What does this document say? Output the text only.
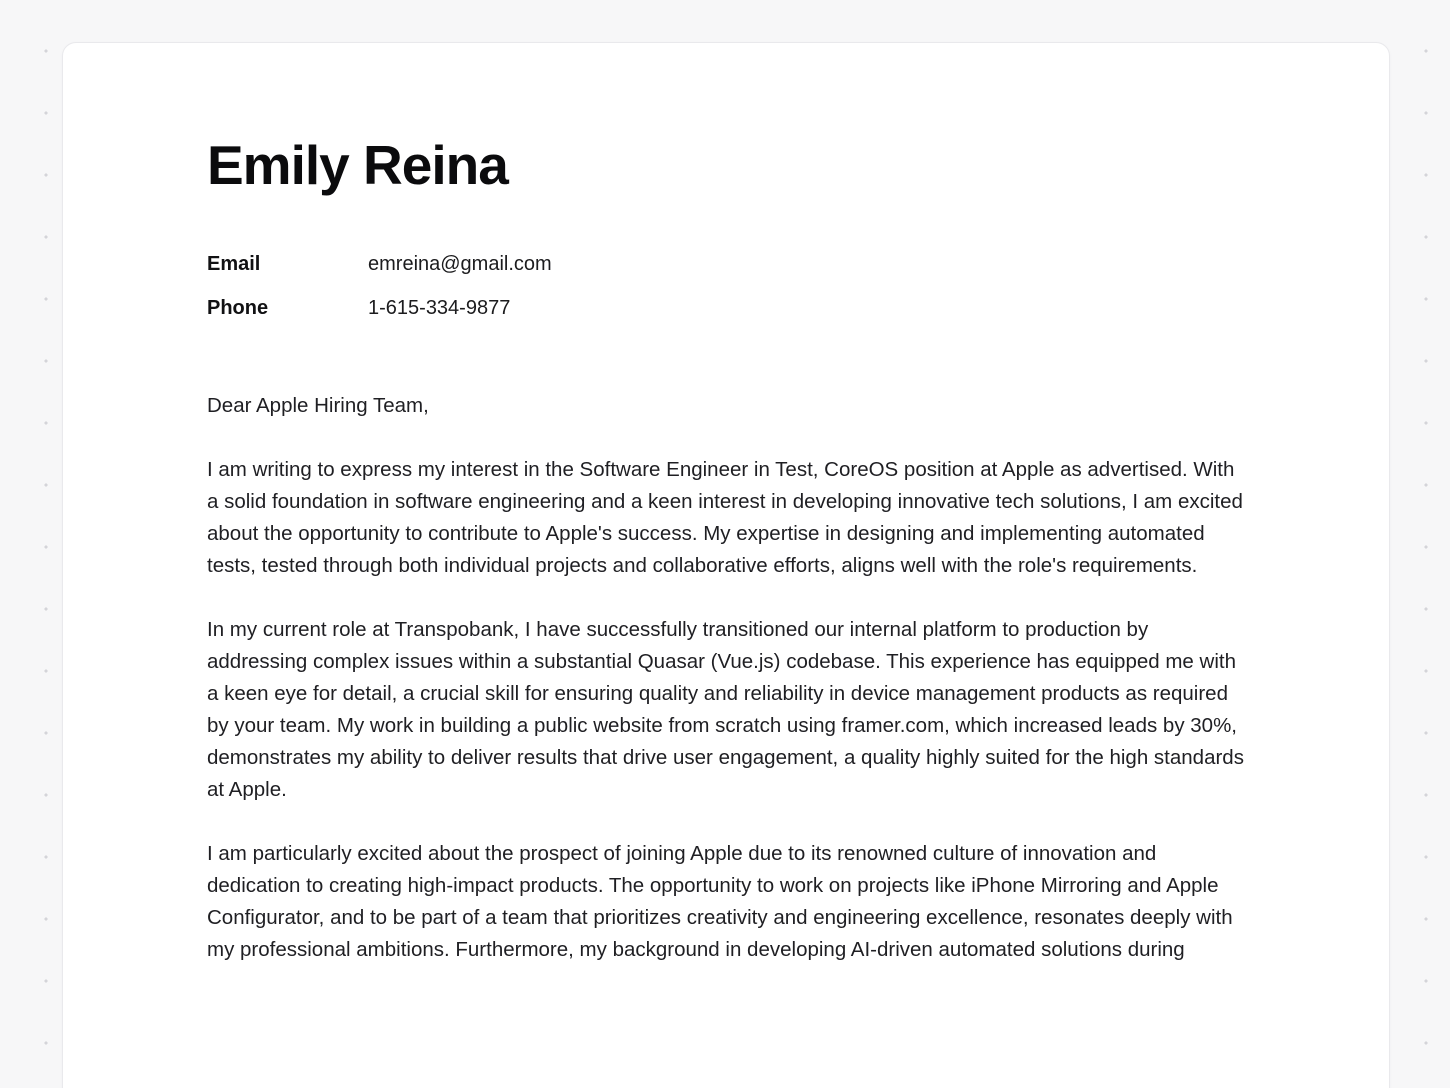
Emily Reina
Email	emreina@gmail.com
Phone	1-615-334-9877

Dear Apple Hiring Team,

I am writing to express my interest in the Software Engineer in Test, CoreOS position at Apple as advertised. With a solid foundation in software engineering and a keen interest in developing innovative tech solutions, I am excited about the opportunity to contribute to Apple's success. My expertise in designing and implementing automated tests, tested through both individual projects and collaborative efforts, aligns well with the role's requirements.

In my current role at Transpobank, I have successfully transitioned our internal platform to production by addressing complex issues within a substantial Quasar (Vue.js) codebase. This experience has equipped me with a keen eye for detail, a crucial skill for ensuring quality and reliability in device management products as required by your team. My work in building a public website from scratch using framer.com, which increased leads by 30%, demonstrates my ability to deliver results that drive user engagement, a quality highly suited for the high standards at Apple.

I am particularly excited about the prospect of joining Apple due to its renowned culture of innovation and dedication to creating high-impact products. The opportunity to work on projects like iPhone Mirroring and Apple Configurator, and to be part of a team that prioritizes creativity and engineering excellence, resonates deeply with my professional ambitions. Furthermore, my background in developing AI-driven automated solutions during
